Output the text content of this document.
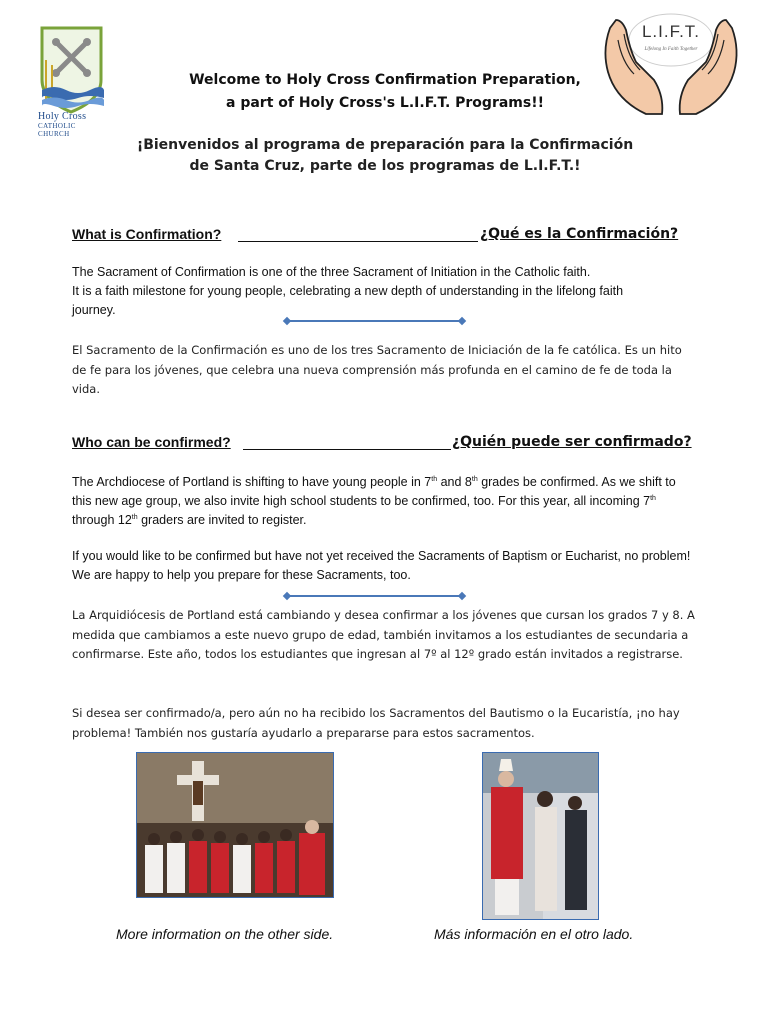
Holy Cross
CATHOLIC CHURCH
L.I.F.T.
Lifelong In Faith Together
Welcome to Holy Cross Confirmation Preparation,
a part of Holy Cross's L.I.F.T. Programs!!
¡Bienvenidos al programa de preparación para la Confirmación
de Santa Cruz, parte de los programas de L.I.F.T.!
What is Confirmation?	¿Qué es la Confirmación?
The Sacrament of Confirmation is one of the three Sacrament of Initiation in the Catholic faith.
It is a faith milestone for young people, celebrating a new depth of understanding in the lifelong faith
journey.
El Sacramento de la Confirmación es uno de los tres Sacramento de Iniciación de la fe católica. Es un hito de fe para los jóvenes, que celebra una nueva comprensión más profunda en el camino de fe de toda la vida.
Who can be confirmed?	¿Quién puede ser confirmado?
The Archdiocese of Portland is shifting to have young people in 7th and 8th grades be confirmed. As we shift to this new age group, we also invite high school students to be confirmed, too. For this year, all incoming 7th through 12th graders are invited to register.
If you would like to be confirmed but have not yet received the Sacraments of Baptism or Eucharist, no problem! We are happy to help you prepare for these Sacraments, too.
La Arquidiócesis de Portland está cambiando y desea confirmar a los jóvenes que cursan los grados 7 y 8. A medida que cambiamos a este nuevo grupo de edad, también invitamos a los estudiantes de secundaria a confirmarse. Este año, todos los estudiantes que ingresan al 7º al 12º grado están invitados a registrarse.
Si desea ser confirmado/a, pero aún no ha recibido los Sacramentos del Bautismo o la Eucaristía, ¡no hay problema! También nos gustaría ayudarlo a prepararse para estos sacramentos.
More information on the other side.	Más información en el otro lado.
